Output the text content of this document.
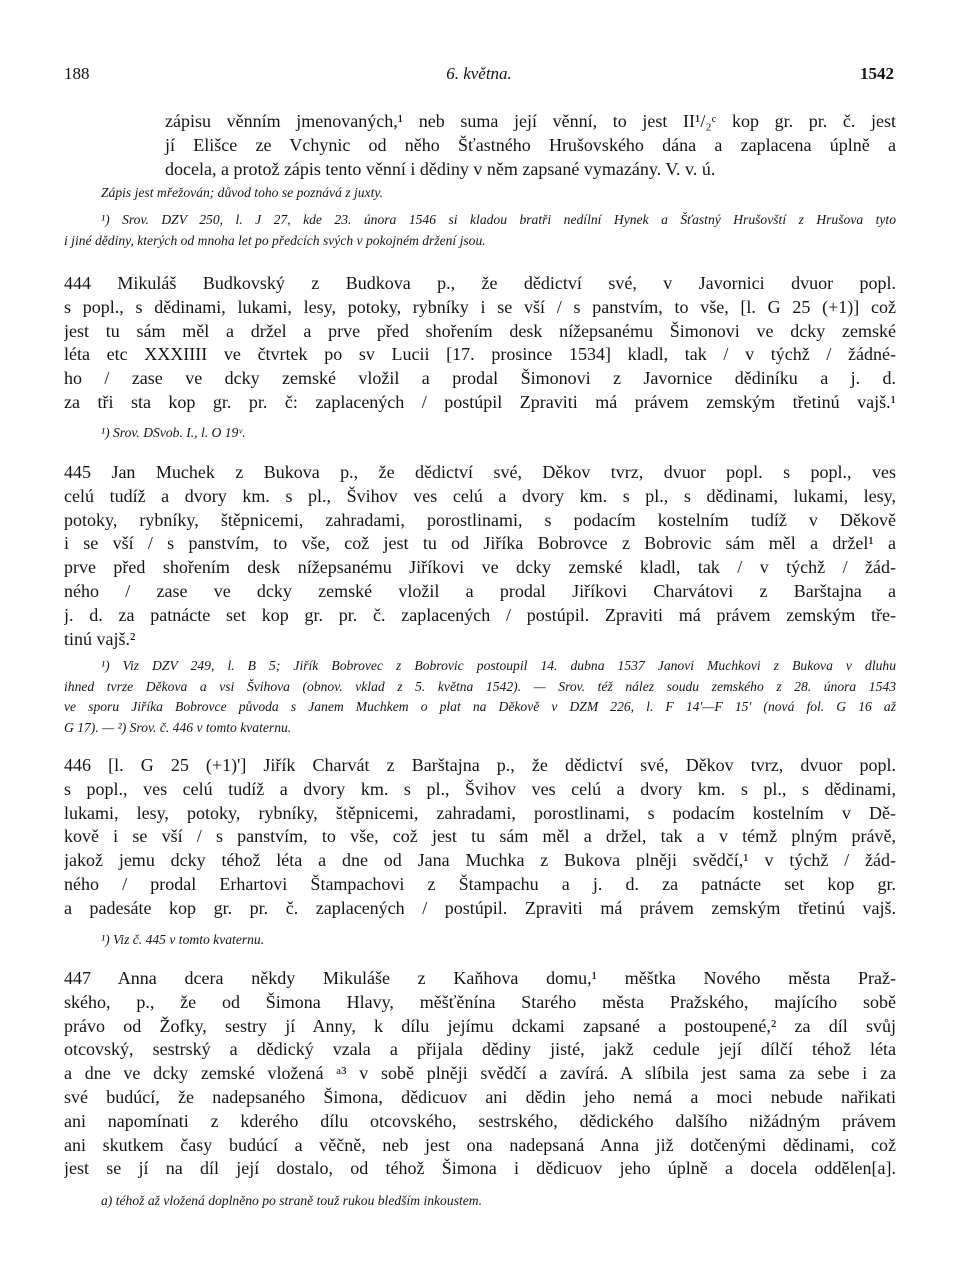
188	6. května.	1542
zápisu věnním jmenovaných,¹ neb suma její věnní, to jest II¹/₂ᶜ kop gr. pr. č. jest
jí Elišce ze Vchynic od něho Šťastného Hrušovského dána a zaplacena úplně a
docela, a protož zápis tento věnní i dědiny v něm zapsané vymazány. V. v. ú.
Zápis jest mřežován; důvod toho se poznává z juxty.
¹) Srov. DZV 250, l. J 27, kde 23. února 1546 si kladou bratři nedílní Hynek a Šťastný Hrušovští z Hrušova tyto
i jiné dědiny, kterých od mnoha let po předcích svých v pokojném držení jsou.
444 Mikuláš Budkovský z Budkova p., že dědictví své, v Javornici dvuor popl.
s popl., s dědinami, lukami, lesy, potoky, rybníky i se vší / s panstvím, to vše, [l. G 25 (+1)] což
jest tu sám měl a držel a prve před shořením desk nížepsanému Šimonovi ve dcky zemské
léta etc XXXIIII ve čtvrtek po sv Lucii [17. prosince 1534] kladl, tak / v týchž / žádné-
ho / zase ve dcky zemské vložil a prodal Šimonovi z Javornice dědiníku a j. d.
za tři sta kop gr. pr. č: zaplacených / postúpil Zpraviti má právem zemským třetinú vajš.¹
¹) Srov. DSvob. I., l. O 19ᵛ.
445 Jan Muchek z Bukova p., že dědictví své, Děkov tvrz, dvuor popl. s popl., ves
celú tudíž a dvory km. s pl., Švihov ves celú a dvory km. s pl., s dědinami, lukami, lesy,
potoky, rybníky, štěpnicemi, zahradami, porostlinami, s podacím kostelním tudíž v Děkově
i se vší / s panstvím, to vše, což jest tu od Jiříka Bobrovce z Bobrovic sám měl a držel¹ a
prve před shořením desk nížepsanému Jiříkovi ve dcky zemské kladl, tak / v týchž / žád-
ného / zase ve dcky zemské vložil a prodal Jiříkovi Charvátovi z Barštajna a
j. d. za patnácte set kop gr. pr. č. zaplacených / postúpil. Zpraviti má právem zemským tře-
tinú vajš.²
¹) Viz DZV 249, l. B 5; Jiřík Bobrovec z Bobrovic postoupil 14. dubna 1537 Janovi Muchkovi z Bukova v dluhu
ihned tvrze Děkova a vsi Švihova (obnov. vklad z 5. května 1542). — Srov. též nález soudu zemského z 28. února 1543
ve sporu Jiříka Bobrovce původa s Janem Muchkem o plat na Děkově v DZM 226, l. F 14'—F 15' (nová fol. G 16 až
G 17). — ²) Srov. č. 446 v tomto kvaternu.
446 [l. G 25 (+1)'] Jiřík Charvát z Barštajna p., že dědictví své, Děkov tvrz, dvuor popl.
s popl., ves celú tudíž a dvory km. s pl., Švihov ves celú a dvory km. s pl., s dědinami,
lukami, lesy, potoky, rybníky, štěpnicemi, zahradami, porostlinami, s podacím kostelním v Dě-
kově i se vší / s panstvím, to vše, což jest tu sám měl a držel, tak a v témž plným právě,
jakož jemu dcky téhož léta a dne od Jana Muchka z Bukova plněji svědčí,¹ v týchž / žád-
ného / prodal Erhartovi Štampachovi z Štampachu a j. d. za patnácte set kop gr.
a padesáte kop gr. pr. č. zaplacených / postúpil. Zpraviti má právem zemským třetinú vajš.
¹) Viz č. 445 v tomto kvaternu.
447 Anna dcera někdy Mikuláše z Kaňhova domu,¹ měštka Nového města Praž-
ského, p., že od Šimona Hlavy, měšťěnína Starého města Pražského, majícího sobě
právo od Žofky, sestry jí Anny, k dílu jejímu dckami zapsané a postoupené,² za díl svůj
otcovský, sestrský a dědický vzala a přijala dědiny jisté, jakž cedule její dílčí téhož léta
a dne ve dcky zemské vložená ᵃ³ v sobě plněji svědčí a zavírá. A slíbila jest sama za sebe i za
své budúcí, že nadepsaného Šimona, dědicuov ani dědin jeho nemá a moci nebude nařikati
ani napomínati z kderého dílu otcovského, sestrského, dědického dalšího nižádným právem
ani skutkem časy budúcí a věčně, neb jest ona nadepsaná Anna již dotčenými dědinami, což
jest se jí na díl její dostalo, od téhož Šimona i dědicuov jeho úplně a docela oddělen[a].
a) téhož až vložená doplněno po straně touž rukou bledším inkoustem.
